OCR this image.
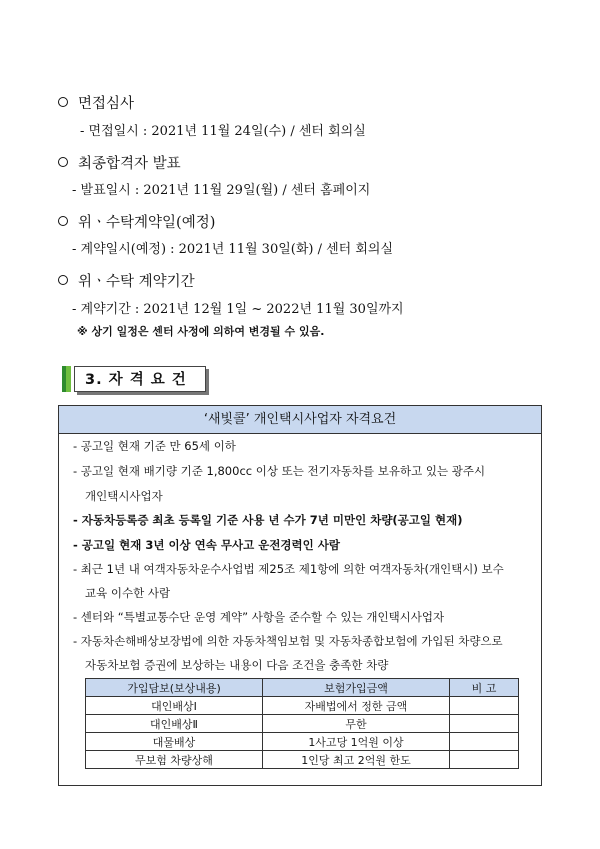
면접심사
- 면접일시 : 2021년 11월 24일(수) / 센터 회의실
최종합격자 발표
- 발표일시 : 2021년 11월 29일(월) / 센터 홈페이지
위ㆍ수탁계약일(예정)
- 계약일시(예정) : 2021년 11월 30일(화) / 센터 회의실
위ㆍ수탁 계약기간
- 계약기간 : 2021년 12월 1일 ~ 2022년 11월 30일까지
※ 상기 일정은 센터 사정에 의하여 변경될 수 있음.
3. 자 격 요 건
‘새빛콜’ 개인택시사업자 자격요건
- 공고일 현재 기준 만 65세 이하
- 공고일 현재 배기량 기준 1,800cc 이상 또는 전기자동차를 보유하고 있는 광주시
개인택시사업자
- 자동차등록증 최초 등록일 기준 사용 년 수가 7년 미만인 차량(공고일 현재)
- 공고일 현재 3년 이상 연속 무사고 운전경력인 사람
- 최근 1년 내 여객자동차운수사업법 제25조 제1항에 의한 여객자동차(개인택시) 보수
교육 이수한 사람
- 센터와 “특별교통수단 운영 계약” 사항을 준수할 수 있는 개인택시사업자
- 자동차손해배상보장법에 의한 자동차책임보험 및 자동차종합보험에 가입된 차량으로
자동차보험 증권에 보상하는 내용이 다음 조건을 충족한 차량
가입담보(보상내용)	보험가입금액	비 고
대인배상Ⅰ	자배법에서 정한 금액	
대인배상Ⅱ	무한	
대물배상	1사고당 1억원 이상	
무보험 차량상해	1인당 최고 2억원 한도	
